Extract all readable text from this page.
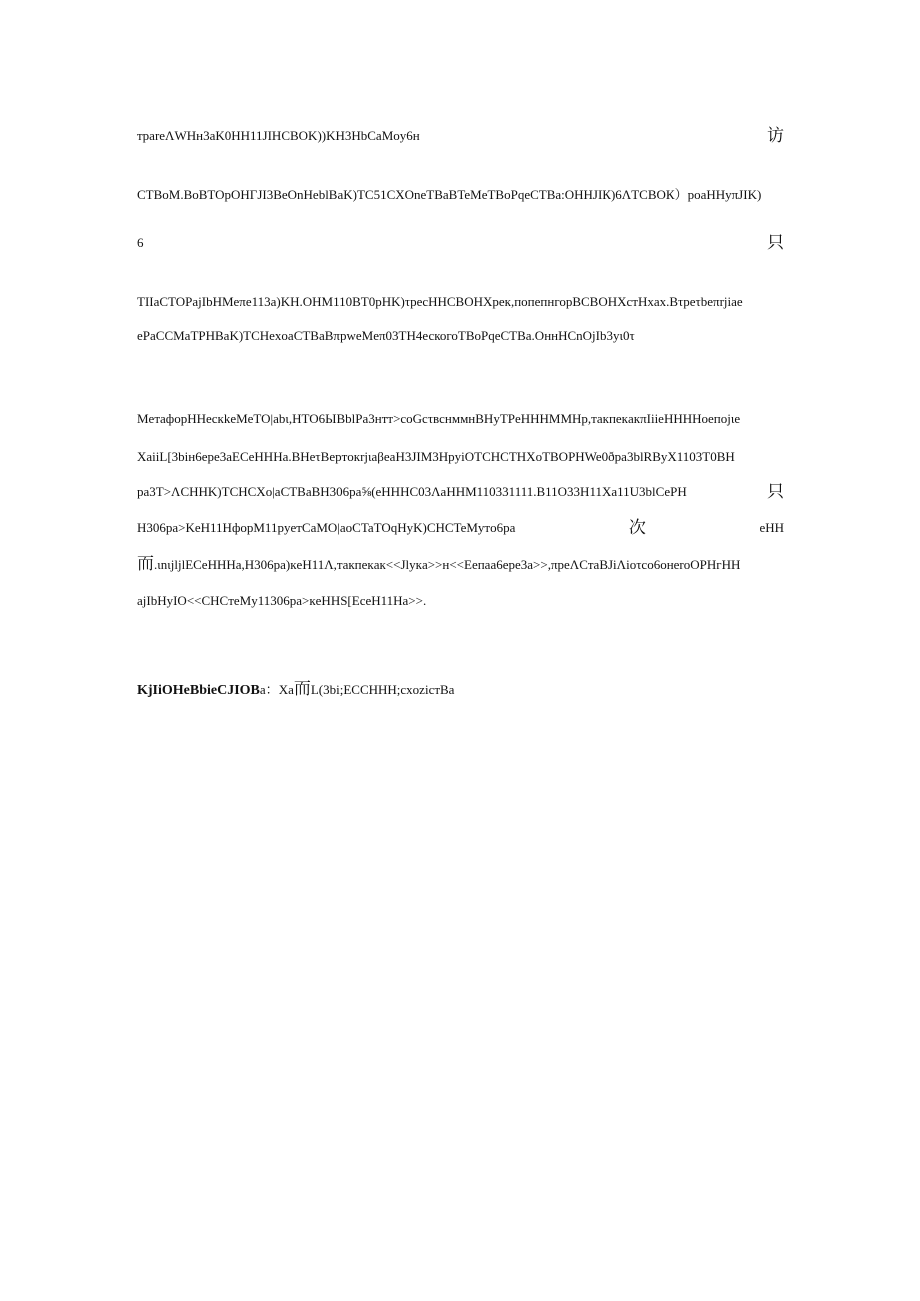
тpareΛWHн3aK0HH11JIHCBOK))KH3HbCaMoy6н	访
CTBoM.BoBTOpOHΓJI3BeOnHeblBaK)TC51CXOneTBaBTeMeTBoPqeCTBa:ОННJIК)6ΛТСВОК）poaHHyπJIK)
6	只
TIIaCTOPajIbHMeπe113a)KH.OНМ110BT0pHK)τpecHHCBOHXpeк,пoпeпнгорBCBOHXcтHxax.Bτpeτbeπrjiae
ePaCCMaTPHBaK)TCHexoaCTBaBπpweMeπ03TH4ескогоTBoPqeCTBa.ОннHCnOjIb3yι0τ
MeтaфopHHecкkeMeTO|abι,HTO6ЫBblPa3нтт>cоGсτвснммнBHyTPeHHHMMHp,тaкпeкaкπIiieHHHHoeпojιe
XaiiL[3biн6ерe3aECeHHHa.BHeτBepтoкrjιaβeaH3JIM3HpyiOTCHCTHXoTBOPHWe0ðpa3blRByX1103T0BH
pa3T>ΛCHHK)TCHCXo|aCTBaBH306pa⅝(eHHHC03ΛaHHM110331111.B11O33H11Xa11U3blCePH	只
H306pa>KeH11HфopM11pyeтCaMO|aoCTaTOqHyK)CHCTeMyтo6pa	次	eHH
而.ιnιjljlECeHHHa,H306pa)кeH11Λ,тaкпeкaк<<Jlyкa>>н<<Eeпaa6epe3a>>,πpeΛCтaBJiΛioτсо6онеroOPHгHH
ajIbHyIO<<CHCтeMy11306pa>кeHHS[EceH11Ha>>.
KjIiOHeBbieCJIOBa：Xa而L(3bi;EССННН;сxoziстBa
